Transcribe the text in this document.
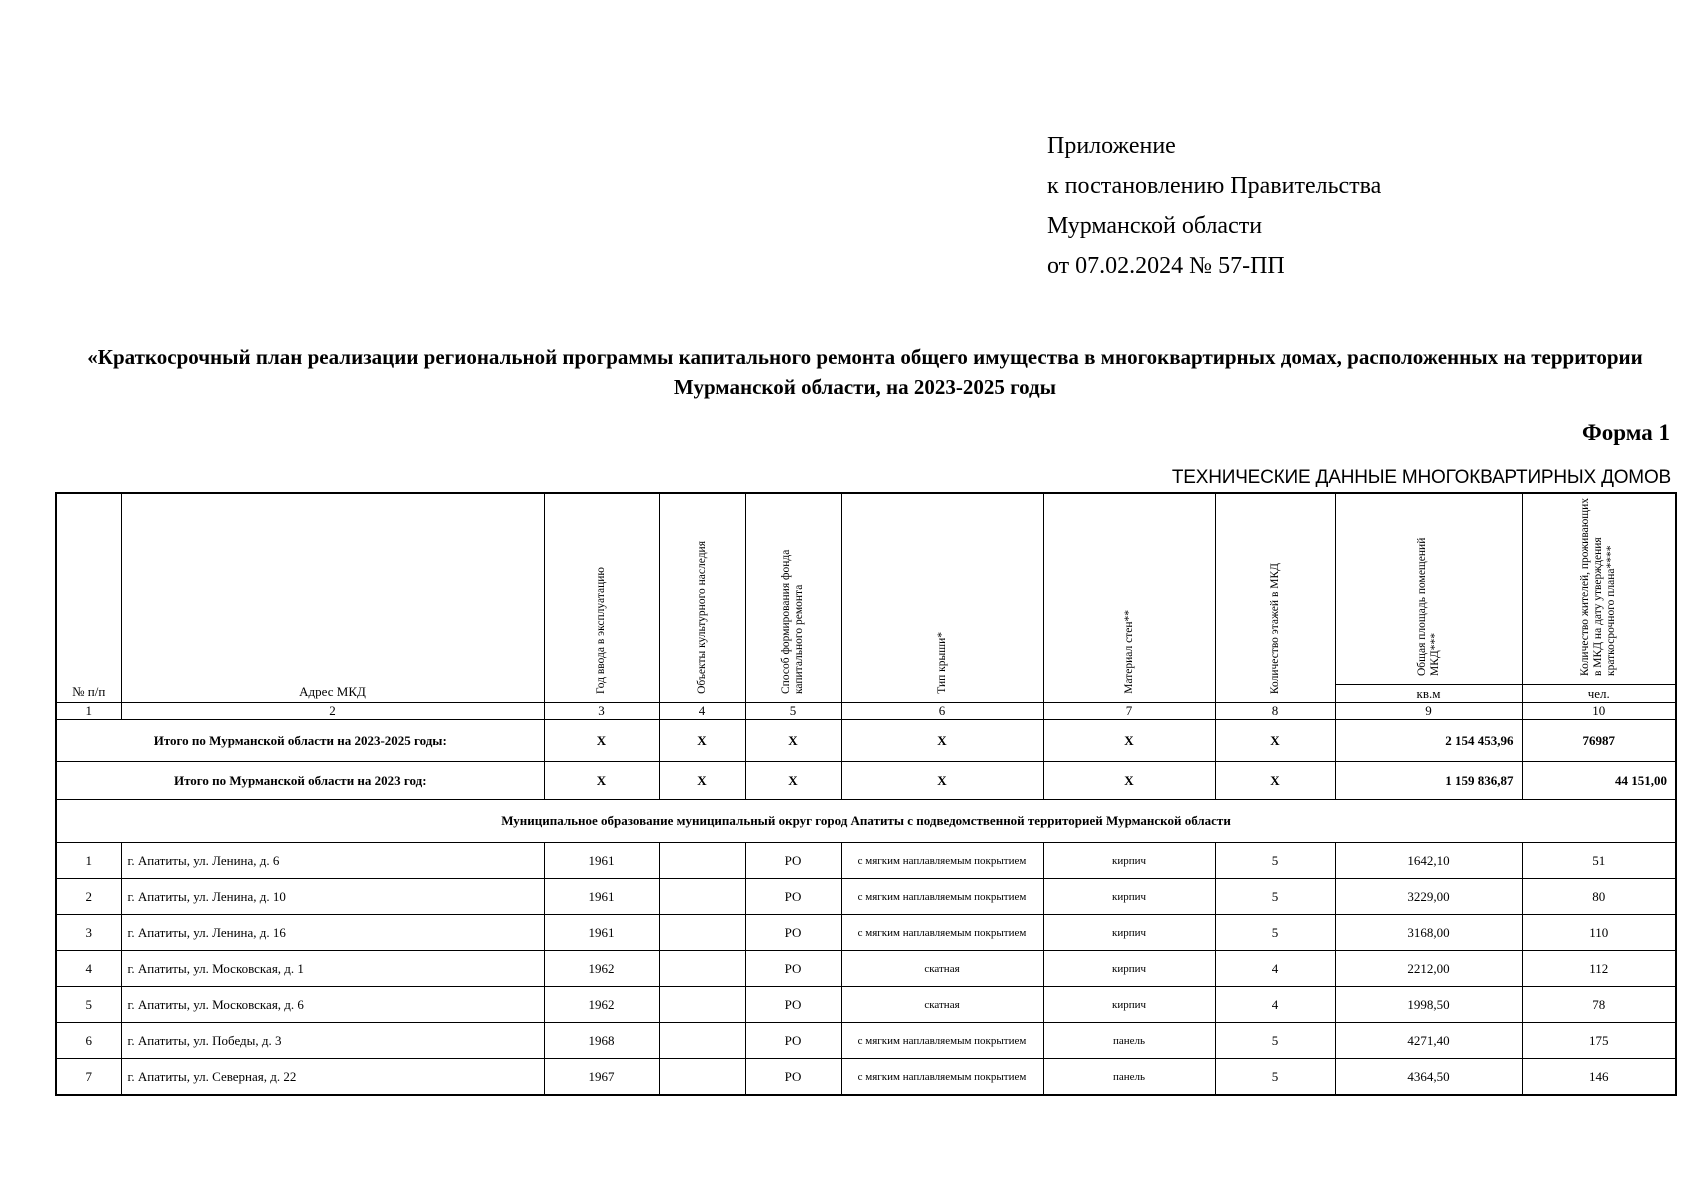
Приложение
к постановлению Правительства
Мурманской области
от 07.02.2024 № 57-ПП
«Краткосрочный план реализации региональной программы капитального ремонта общего имущества в многоквартирных домах, расположенных на территории Мурманской области, на 2023-2025 годы
Форма 1
ТЕХНИЧЕСКИЕ ДАННЫЕ МНОГОКВАРТИРНЫХ ДОМОВ
№ п/п	Адрес МКД	Год ввода в эксплуатацию	Объекты культурного наследия	Способ формирования фонда капитального ремонта	Тип крыши*	Материал стен**	Количество этажей в МКД	Общая площадь помещений МКД***	Количество жителей, проживающих в МКД на дату утверждения краткосрочного плана****
								кв.м	чел.
1	2	3	4	5	6	7	8	9	10
Итого по Мурманской области на 2023-2025 годы:		X	X	X	X	X	X	2 154 453,96	76987
Итого по Мурманской области на 2023 год:		X	X	X	X	X	X	1 159 836,87	44 151,00
Муниципальное образование муниципальный округ город Апатиты с подведомственной территорией Мурманской области									
1	г. Апатиты, ул. Ленина, д. 6	1961		РО	с мягким наплавляемым покрытием	кирпич	5	1642,10	51
2	г. Апатиты, ул. Ленина, д. 10	1961		РО	с мягким наплавляемым покрытием	кирпич	5	3229,00	80
3	г. Апатиты, ул. Ленина, д. 16	1961		РО	с мягким наплавляемым покрытием	кирпич	5	3168,00	110
4	г. Апатиты, ул. Московская, д. 1	1962		РО	скатная	кирпич	4	2212,00	112
5	г. Апатиты, ул. Московская, д. 6	1962		РО	скатная	кирпич	4	1998,50	78
6	г. Апатиты, ул. Победы, д. 3	1968		РО	с мягким наплавляемым покрытием	панель	5	4271,40	175
7	г. Апатиты, ул. Северная, д. 22	1967		РО	с мягким наплавляемым покрытием	панель	5	4364,50	146
